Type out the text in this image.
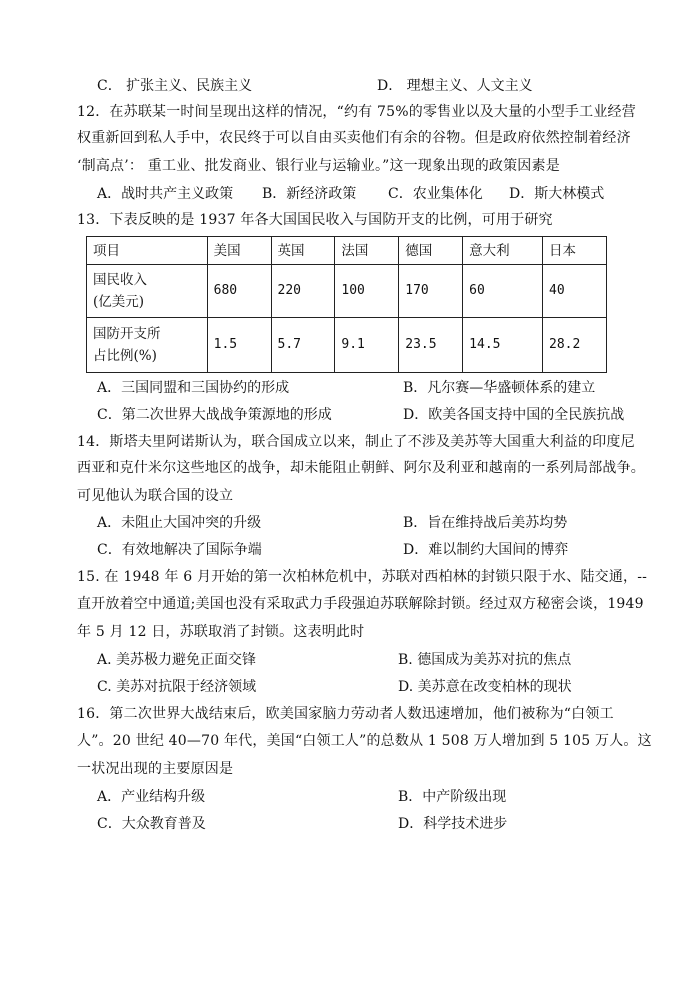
C． 扩张主义、民族主义	D． 理想主义、人文主义
12．在苏联某一时间呈现出这样的情况，“约有 75%的零售业以及大量的小型手工业经营
权重新回到私人手中，农民终于可以自由买卖他们有余的谷物。但是政府依然控制着经济
‘制高点’： 重工业、批发商业、银行业与运输业。”这一现象出现的政策因素是
A．战时共产主义政策 B．新经济政策 C．农业集体化 D．斯大林模式
13．下表反映的是 1937 年各大国国民收入与国防开支的比例，可用于研究
项目	美国	英国	法国	德国	意大利	日本

国民收入
(亿美元)	680	220	100	170	60	40

国防开支所
占比例(%)	1.5	5.7	9.1	23.5	14.5	28.2
A．三国同盟和三国协约的形成	B．凡尔赛—华盛顿体系的建立
C．第二次世界大战战争策源地的形成	D．欧美各国支持中国的全民族抗战
14．斯塔夫里阿诺斯认为，联合国成立以来，制止了不涉及美苏等大国重大利益的印度尼
西亚和克什米尔这些地区的战争，却未能阻止朝鲜、阿尔及利亚和越南的一系列局部战争。
可见他认为联合国的设立
A．未阻止大国冲突的升级	B．旨在维持战后美苏均势
C．有效地解决了国际争端	D．难以制约大国间的博弈
15. 在 1948 年 6 月开始的第一次柏林危机中，苏联对西柏林的封锁只限于水、陆交通，--
直开放着空中通道;美国也没有采取武力手段强迫苏联解除封锁。经过双方秘密会谈，1949
年 5 月 12 日，苏联取消了封锁。这表明此时
A. 美苏极力避免正面交锋	B. 德国成为美苏对抗的焦点
C. 美苏对抗限于经济领域	D. 美苏意在改变柏林的现状
16．第二次世界大战结束后，欧美国家脑力劳动者人数迅速增加，他们被称为“白领工
人”。20 世纪 40—70 年代，美国“白领工人”的总数从 1 508 万人增加到 5 105 万人。这
一状况出现的主要原因是
A．产业结构升级	B．中产阶级出现
C．大众教育普及	D．科学技术进步
